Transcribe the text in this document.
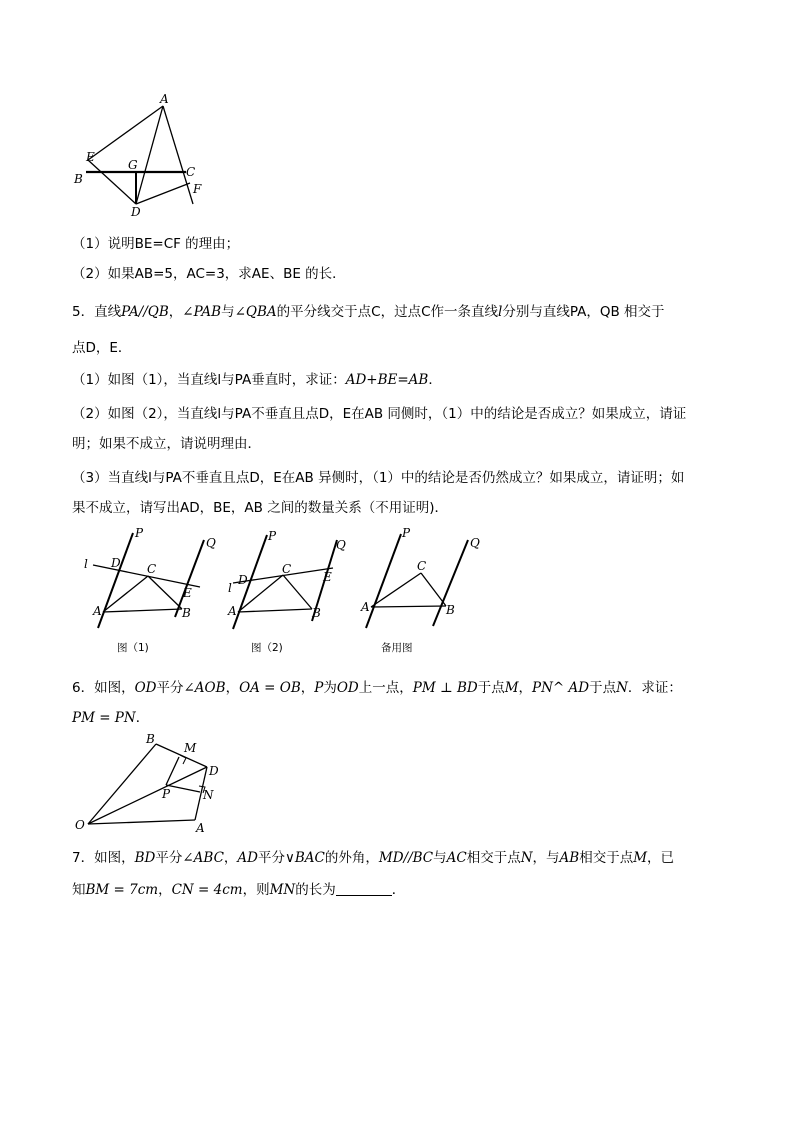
A
E
G	C
B
F
D
（1）说明BE=CF 的理由；
（2）如果AB=5，AC=3，求AE、BE 的长．
5．直线PA//QB，∠PAB与∠QBA的平分线交于点C，过点C作一条直线l分别与直线PA，QB 相交于
点D，E．
（1）如图（1），当直线l与PA垂直时，求证：AD+BE=AB．
（2）如图（2），当直线l与PA不垂直且点D，E在AB 同侧时，（1）中的结论是否成立？如果成立，请证
明；如果不成立，请说明理由．
（3）当直线l与PA不垂直且点D，E在AB 异侧时，（1）中的结论是否仍然成立？如果成立，请证明；如
果不成立，请写出AD，BE，AB 之间的数量关系（不用证明)．
P
Q
l D C
E
A	B
图（1)
P
Q
l
D
C
E
A	B
图（2)
P
Q
C
A	B
备用图
6．如图，OD平分∠AOB，OA = OB，P为OD上一点，PM ⊥ BD于点M，PN^ AD于点N．求证：
PM = PN．
B
M
D
P	N
O	A
7．如图，BD平分∠ABC，AD平分∨BAC的外角，MD//BC与AC相交于点N，与AB相交于点M，已
知BM = 7cm，CN = 4cm，则MN的长为	．
